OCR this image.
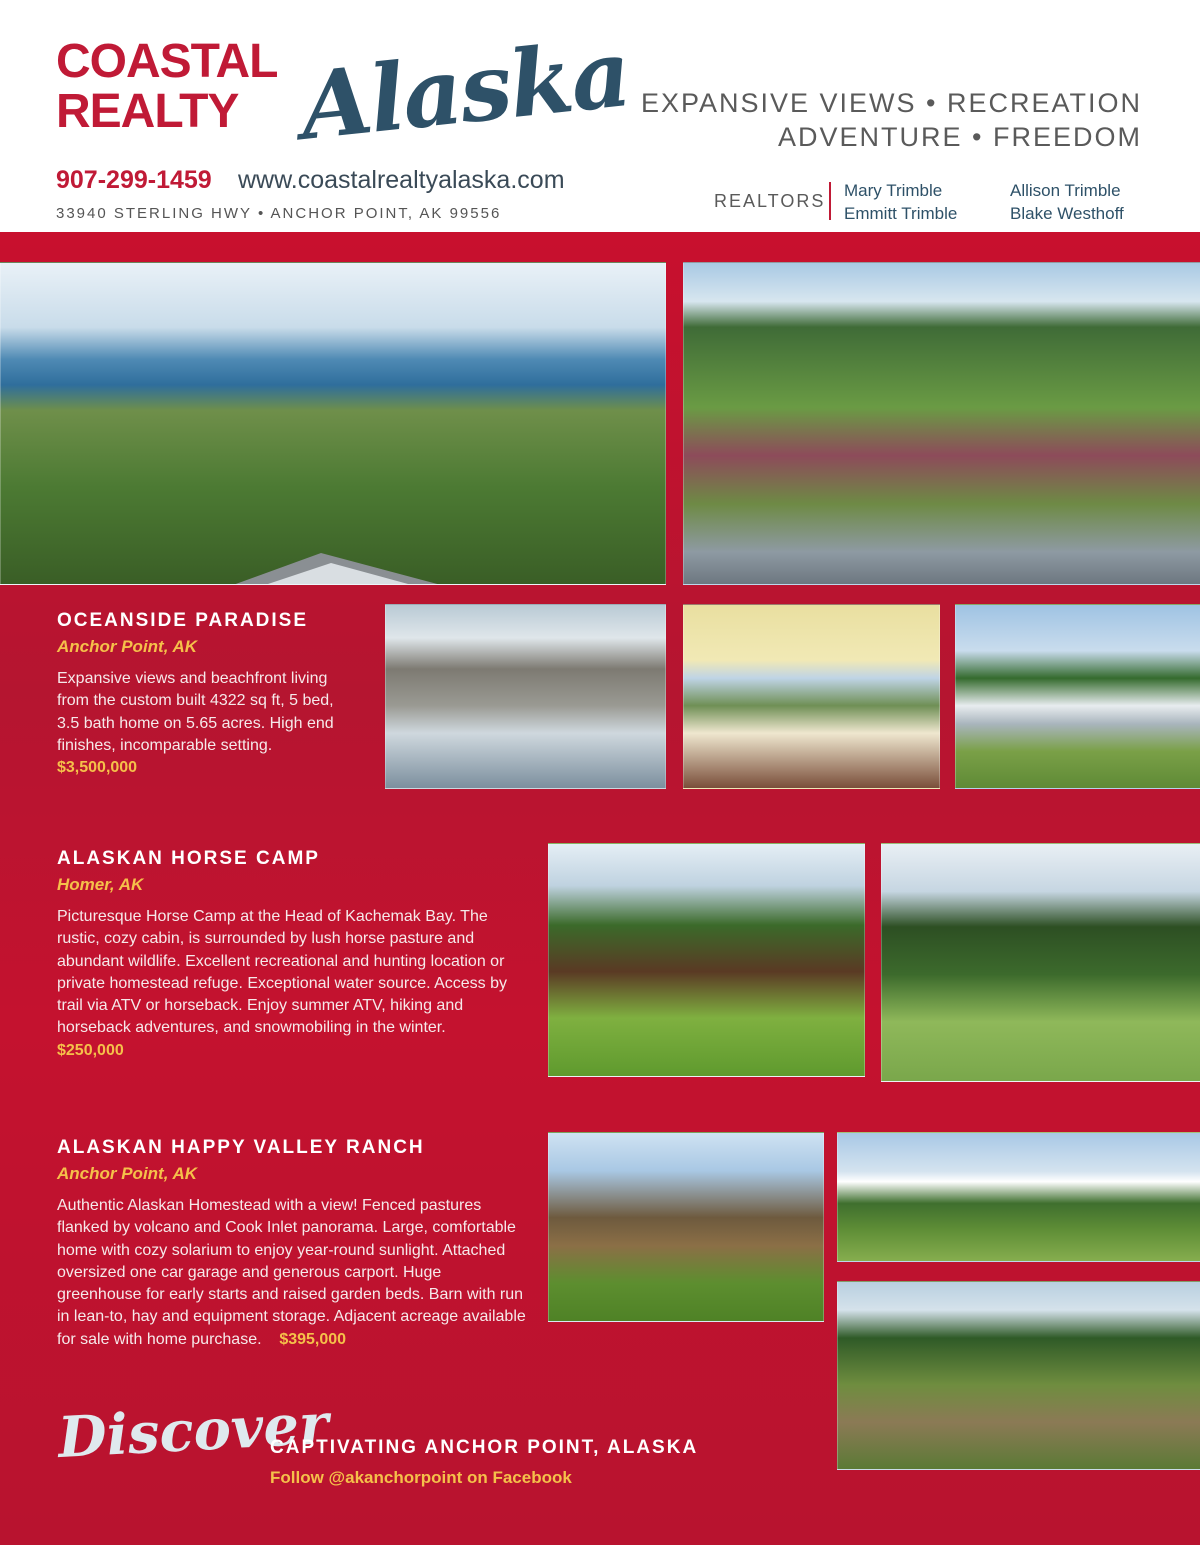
COASTAL
REALTY Alaska
907-299-1459 www.coastalrealtyalaska.com
33940 STERLING HWY • ANCHOR POINT, AK 99556
EXPANSIVE VIEWS • RECREATION
ADVENTURE • FREEDOM
REALTORS
Mary Trimble
Emmitt Trimble
Allison Trimble
Blake Westhoff
OCEANSIDE PARADISE
Anchor Point, AK
Expansive views and beachfront living from the custom built 4322 sq ft, 5 bed, 3.5 bath home on 5.65 acres. High end finishes, incomparable setting.  $3,500,000
ALASKAN HORSE CAMP
Homer, AK
Picturesque Horse Camp at the Head of Kachemak Bay. The rustic, cozy cabin, is surrounded by lush horse pasture and abundant wildlife. Excellent recreational and hunting location or private homestead refuge. Exceptional water source. Access by trail via ATV or horseback. Enjoy summer ATV, hiking and horseback adventures, and snowmobiling in the winter.  $250,000
ALASKAN HAPPY VALLEY RANCH
Anchor Point, AK
Authentic Alaskan Homestead with a view! Fenced pastures flanked by volcano and Cook Inlet panorama. Large, comfortable home with cozy solarium to enjoy year-round sunlight. Attached oversized one car garage and generous carport. Huge greenhouse for early starts and raised garden beds. Barn with run in lean-to, hay and equipment storage. Adjacent acreage available for sale with home purchase. $395,000
Discover
CAPTIVATING ANCHOR POINT, ALASKA
Follow @akanchorpoint on Facebook
